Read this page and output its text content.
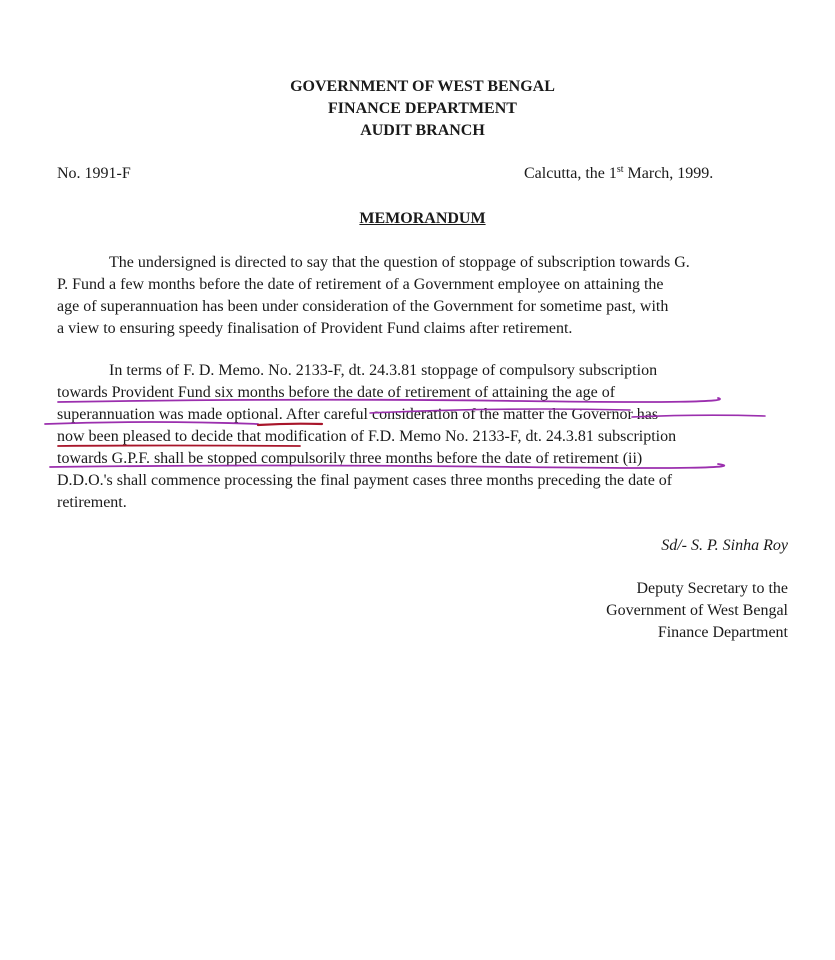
GOVERNMENT OF WEST BENGAL
FINANCE DEPARTMENT
AUDIT BRANCH
No. 1991-F	Calcutta, the 1st March, 1999.
MEMORANDUM
The undersigned is directed to say that the question of stoppage of subscription towards G.
P. Fund a few months before the date of retirement of a Government employee on attaining the
age of superannuation has been under consideration of the Government for sometime past, with
a view to ensuring speedy finalisation of Provident Fund claims after retirement.
In terms of F. D. Memo. No. 2133-F, dt. 24.3.81 stoppage of compulsory subscription
towards Provident Fund six months before the date of retirement of attaining the age of
superannuation was made optional. After careful consideration of the matter the Governor has
now been pleased to decide that modification of F.D. Memo No. 2133-F, dt. 24.3.81 subscription
towards G.P.F. shall be stopped compulsorily three months before the date of retirement (ii)
D.D.O.'s shall commence processing the final payment cases three months preceding the date of
retirement.
Sd/- S. P. Sinha Roy
Deputy Secretary to the
Government of West Bengal
Finance Department
